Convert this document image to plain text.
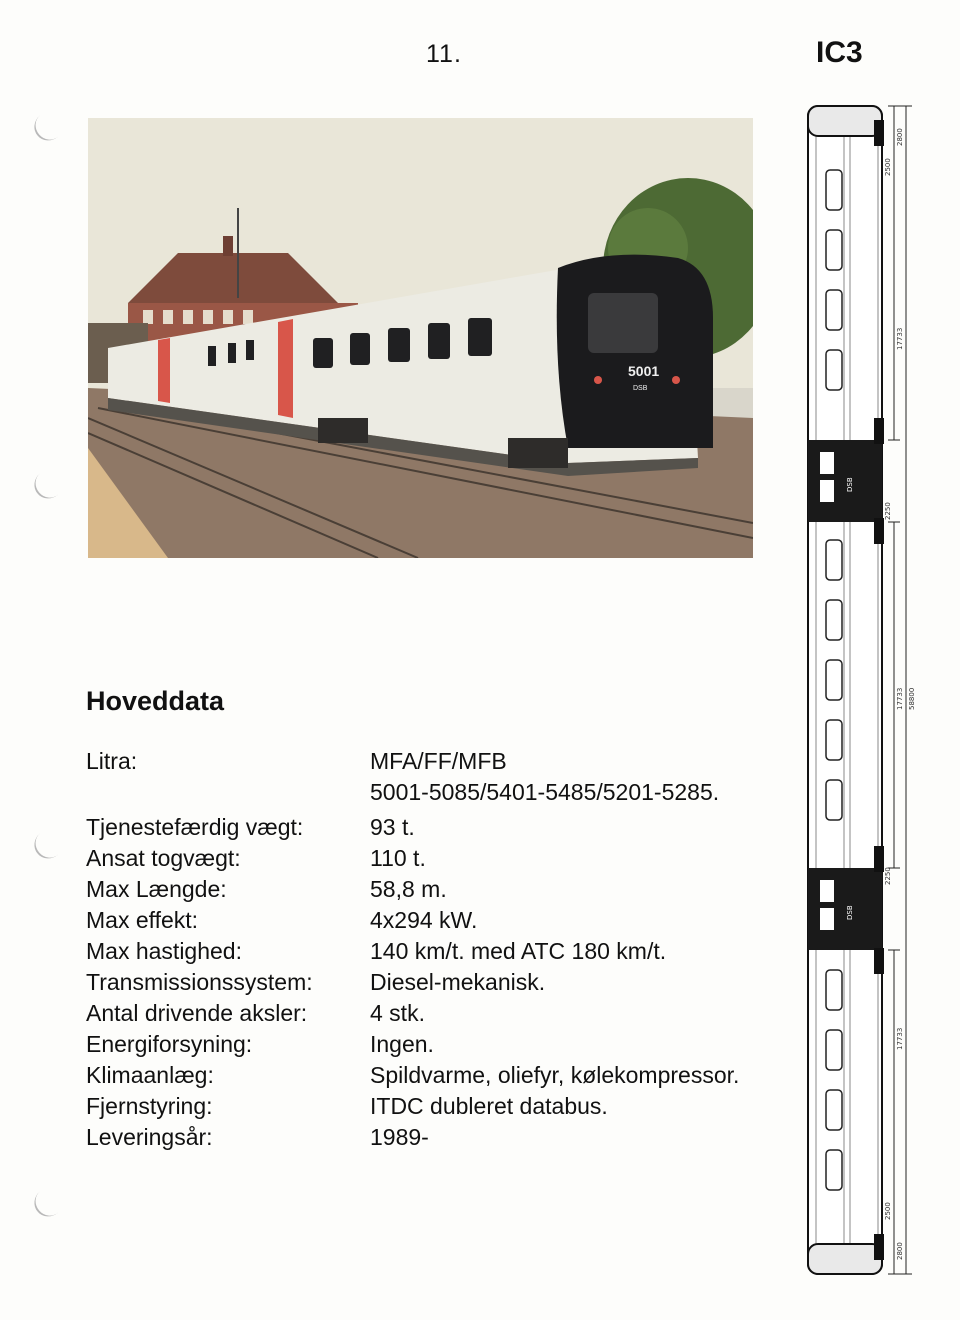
11.	IC3
5001
DSB
Hoveddata
Litra:	MFA/FF/MFB
5001-5085/5401-5485/5201-5285.
Tjenestefærdig vægt:	93 t.
Ansat togvægt:	110 t.
Max Længde:	58,8 m.
Max effekt:	4x294 kW.
Max hastighed:	140 km/t. med ATC 180 km/t.
Transmissionssystem:	Diesel-mekanisk.
Antal drivende aksler:	4 stk.
Energiforsyning:	Ingen.
Klimaanlæg:	Spildvarme, oliefyr, kølekompressor.
Fjernstyring:	ITDC dubleret databus.
Leveringsår:	1989-
DSB
DSB
2800
2500
17733
2250
17733 58800
2250
17733
2500
2800
